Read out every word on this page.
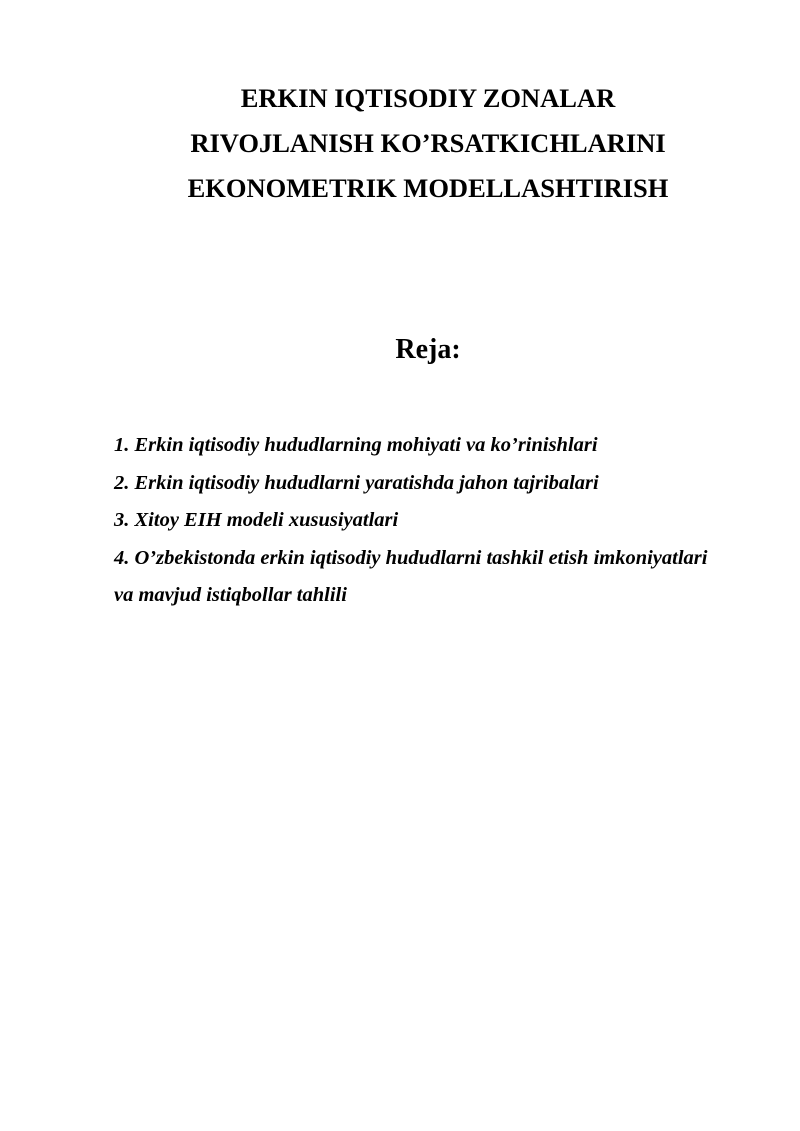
ERKIN IQTISODIY ZONALAR
RIVOJLANISH KO’RSATKICHLARINI
EKONOMETRIK MODELLASHTIRISH
Reja:
1. Erkin iqtisodiy hududlarning mohiyati va ko’rinishlari
2. Erkin iqtisodiy hududlarni yaratishda jahon tajribalari
3. Xitoy EIH modeli xususiyatlari
4. O’zbekistonda erkin iqtisodiy hududlarni tashkil etish imkoniyatlari
va mavjud istiqbollar tahlili
